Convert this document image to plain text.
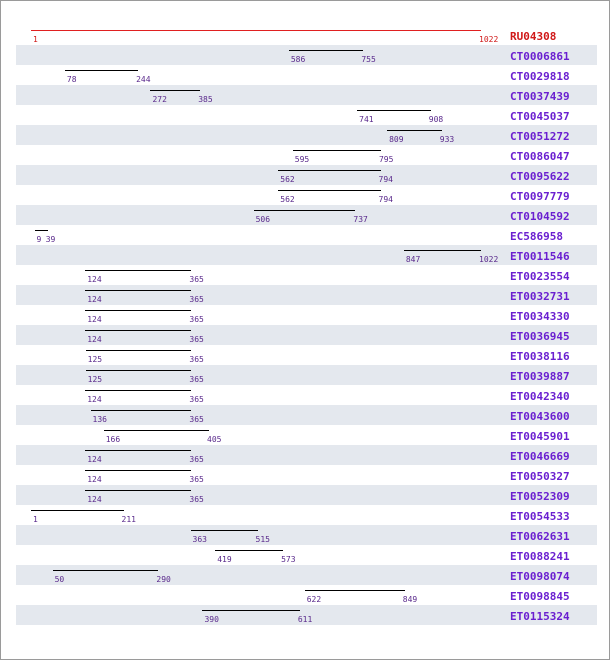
1	1022 RU04308
586	755	CT0006861
78	244	CT0029818
272	385	CT0037439
741	908	CT0045037
809	933	CT0051272
595	795	CT0086047
562	794	CT0095622
562	794	CT0097779
506	737	CT0104592
9 39	EC586958
847	1022 ET0011546
124	365	ET0023554
124	365	ET0032731
124	365	ET0034330
124	365	ET0036945
125	365	ET0038116
125	365	ET0039887
124	365	ET0042340
136	365	ET0043600
166	405	ET0045901
124	365	ET0046669
124	365	ET0050327
124	365	ET0052309
1	211	ET0054533
363	515	ET0062631
419	573	ET0088241
50	290	ET0098074
622	849	ET0098845
390	611	ET0115324
